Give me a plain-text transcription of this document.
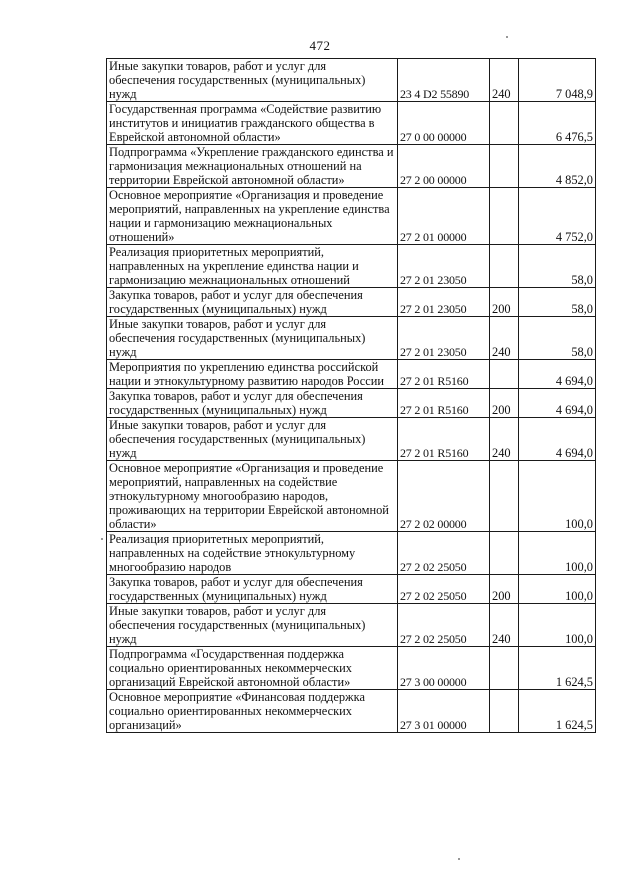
472
Иные закупки товаров, работ и услуг для обеспечения государственных (муниципальных) нужд	23 4 D2 55890	240	7 048,9
Государственная программа «Содействие развитию институтов и инициатив гражданского общества в Еврейской автономной области»	27 0 00 00000		6 476,5
Подпрограмма «Укрепление гражданского единства и гармонизация межнациональных отношений на территории Еврейской автономной области»	27 2 00 00000		4 852,0
Основное мероприятие «Организация и проведение мероприятий, направленных на укрепление единства нации и гармонизацию межнациональных отношений»	27 2 01 00000		4 752,0
Реализация приоритетных мероприятий, направленных на укрепление единства нации и гармонизацию межнациональных отношений	27 2 01 23050		58,0
Закупка товаров, работ и услуг для обеспечения государственных (муниципальных) нужд	27 2 01 23050	200	58,0
Иные закупки товаров, работ и услуг для обеспечения государственных (муниципальных) нужд	27 2 01 23050	240	58,0
Мероприятия по укреплению единства российской нации и этнокультурному развитию народов России	27 2 01 R5160		4 694,0
Закупка товаров, работ и услуг для обеспечения государственных (муниципальных) нужд	27 2 01 R5160	200	4 694,0
Иные закупки товаров, работ и услуг для обеспечения государственных (муниципальных) нужд	27 2 01 R5160	240	4 694,0
Основное мероприятие «Организация и проведение мероприятий, направленных на содействие этнокультурному многообразию народов, проживающих на территории Еврейской автономной области»	27 2 02 00000		100,0
Реализация приоритетных мероприятий, направленных на содействие этнокультурному многообразию народов	27 2 02 25050		100,0
Закупка товаров, работ и услуг для обеспечения государственных (муниципальных) нужд	27 2 02 25050	200	100,0
Иные закупки товаров, работ и услуг для обеспечения государственных (муниципальных) нужд	27 2 02 25050	240	100,0
Подпрограмма «Государственная поддержка социально ориентированных некоммерческих организаций Еврейской автономной области»	27 3 00 00000		1 624,5
Основное мероприятие «Финансовая поддержка социально ориентированных некоммерческих организаций»	27 3 01 00000		1 624,5
